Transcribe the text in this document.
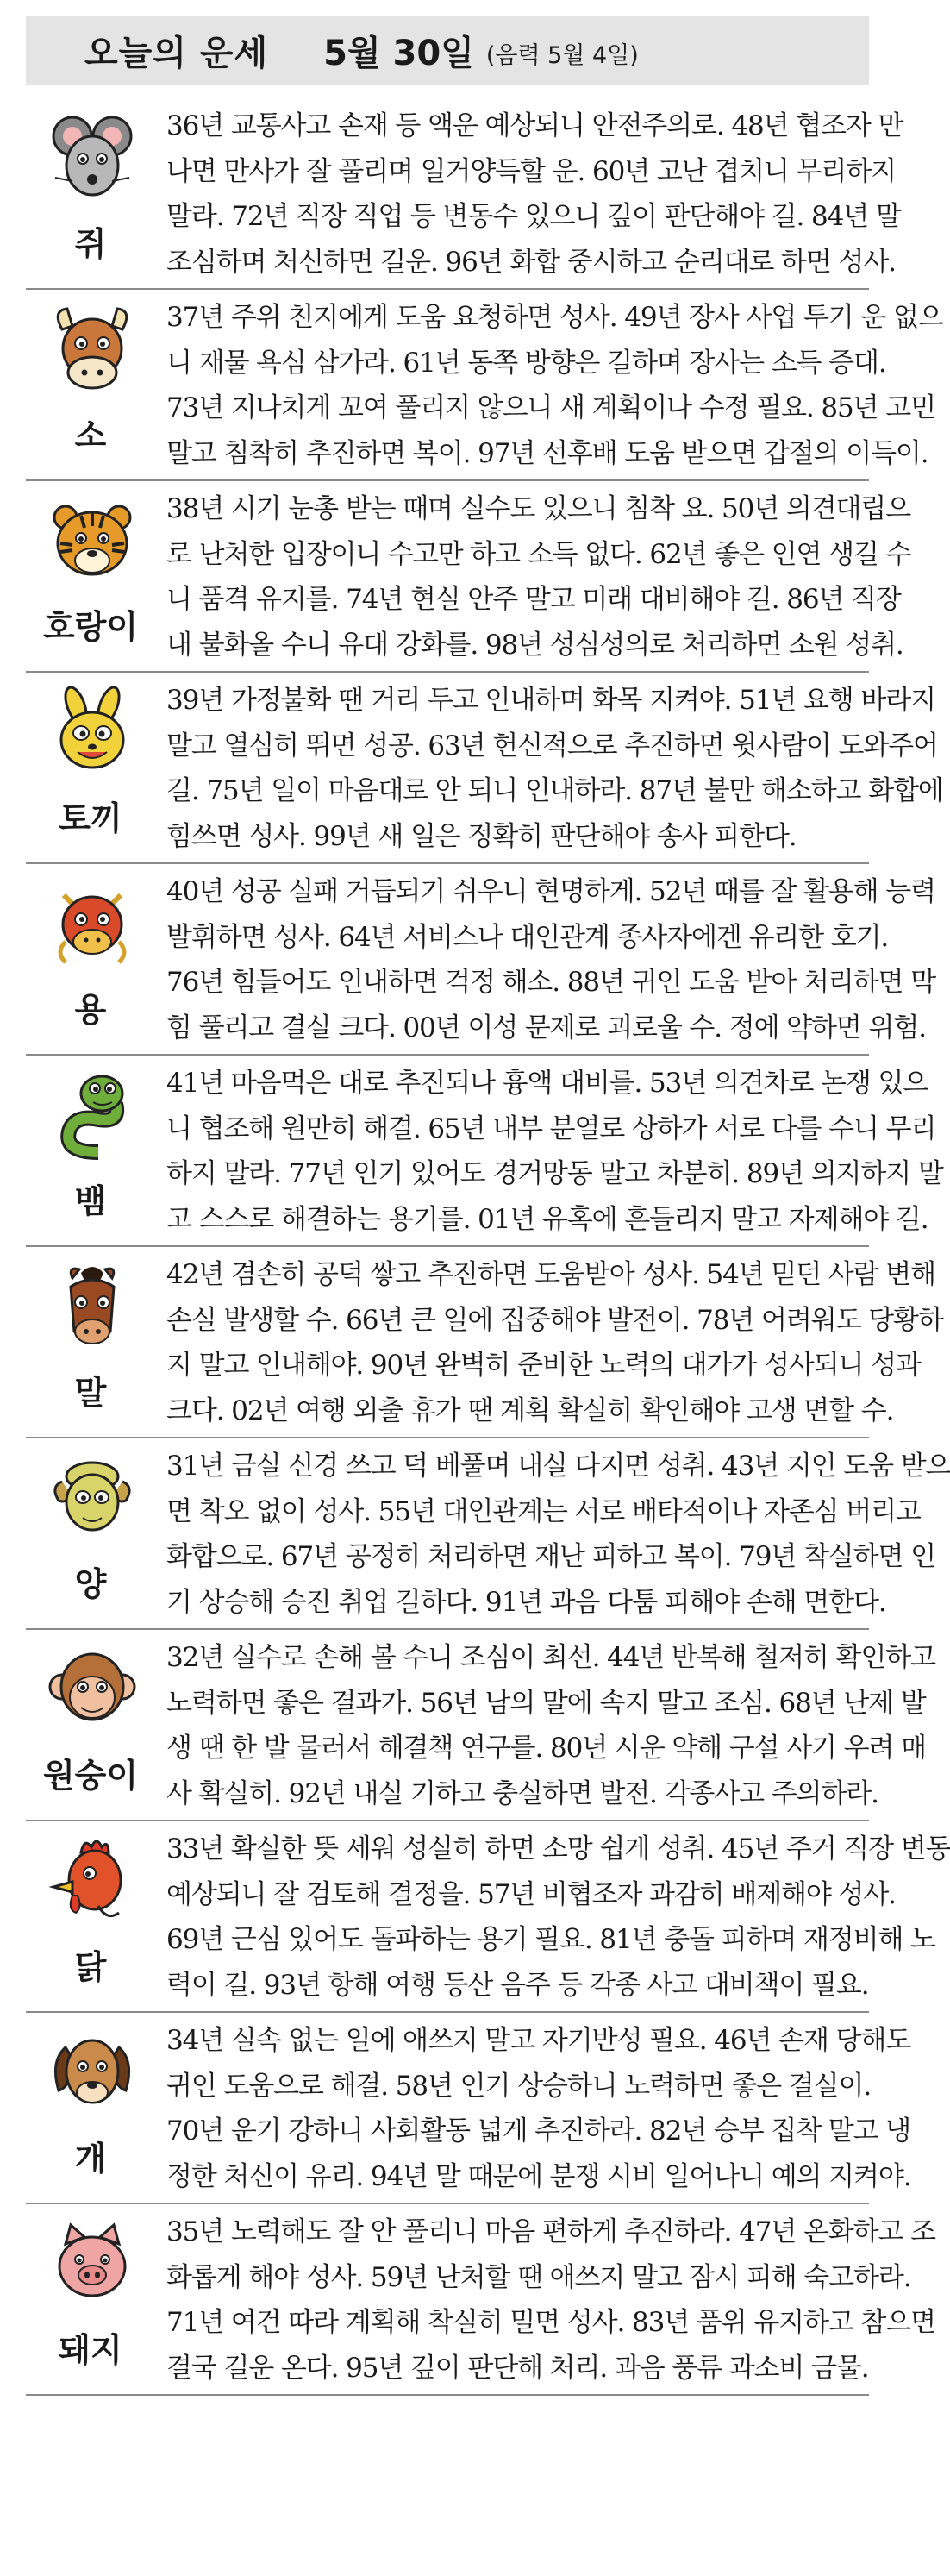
오늘의 운세 5월 30일 (음력 5월 4일)
쥐
36년 교통사고 손재 등 액운 예상되니 안전주의로. 48년 협조자 만
나면 만사가 잘 풀리며 일거양득할 운. 60년 고난 겹치니 무리하지
말라. 72년 직장 직업 등 변동수 있으니 깊이 판단해야 길. 84년 말
조심하며 처신하면 길운. 96년 화합 중시하고 순리대로 하면 성사.
소
37년 주위 친지에게 도움 요청하면 성사. 49년 장사 사업 투기 운 없으
니 재물 욕심 삼가라. 61년 동쪽 방향은 길하며 장사는 소득 증대.
73년 지나치게 꼬여 풀리지 않으니 새 계획이나 수정 필요. 85년 고민
말고 침착히 추진하면 복이. 97년 선후배 도움 받으면 갑절의 이득이.
호랑이
38년 시기 눈총 받는 때며 실수도 있으니 침착 요. 50년 의견대립으
로 난처한 입장이니 수고만 하고 소득 없다. 62년 좋은 인연 생길 수
니 품격 유지를. 74년 현실 안주 말고 미래 대비해야 길. 86년 직장
내 불화올 수니 유대 강화를. 98년 성심성의로 처리하면 소원 성취.
토끼
39년 가정불화 땐 거리 두고 인내하며 화목 지켜야. 51년 요행 바라지
말고 열심히 뛰면 성공. 63년 헌신적으로 추진하면 윗사람이 도와주어
길. 75년 일이 마음대로 안 되니 인내하라. 87년 불만 해소하고 화합에
힘쓰면 성사. 99년 새 일은 정확히 판단해야 송사 피한다.
용
40년 성공 실패 거듭되기 쉬우니 현명하게. 52년 때를 잘 활용해 능력
발휘하면 성사. 64년 서비스나 대인관계 종사자에겐 유리한 호기.
76년 힘들어도 인내하면 걱정 해소. 88년 귀인 도움 받아 처리하면 막
힘 풀리고 결실 크다. 00년 이성 문제로 괴로울 수. 정에 약하면 위험.
뱀
41년 마음먹은 대로 추진되나 흉액 대비를. 53년 의견차로 논쟁 있으
니 협조해 원만히 해결. 65년 내부 분열로 상하가 서로 다를 수니 무리
하지 말라. 77년 인기 있어도 경거망동 말고 차분히. 89년 의지하지 말
고 스스로 해결하는 용기를. 01년 유혹에 흔들리지 말고 자제해야 길.
말
42년 겸손히 공덕 쌓고 추진하면 도움받아 성사. 54년 믿던 사람 변해
손실 발생할 수. 66년 큰 일에 집중해야 발전이. 78년 어려워도 당황하
지 말고 인내해야. 90년 완벽히 준비한 노력의 대가가 성사되니 성과
크다. 02년 여행 외출 휴가 땐 계획 확실히 확인해야 고생 면할 수.
양
31년 금실 신경 쓰고 덕 베풀며 내실 다지면 성취. 43년 지인 도움 받으
면 착오 없이 성사. 55년 대인관계는 서로 배타적이나 자존심 버리고
화합으로. 67년 공정히 처리하면 재난 피하고 복이. 79년 착실하면 인
기 상승해 승진 취업 길하다. 91년 과음 다툼 피해야 손해 면한다.
원숭이
32년 실수로 손해 볼 수니 조심이 최선. 44년 반복해 철저히 확인하고
노력하면 좋은 결과가. 56년 남의 말에 속지 말고 조심. 68년 난제 발
생 땐 한 발 물러서 해결책 연구를. 80년 시운 약해 구설 사기 우려 매
사 확실히. 92년 내실 기하고 충실하면 발전. 각종사고 주의하라.
닭
33년 확실한 뜻 세워 성실히 하면 소망 쉽게 성취. 45년 주거 직장 변동
예상되니 잘 검토해 결정을. 57년 비협조자 과감히 배제해야 성사.
69년 근심 있어도 돌파하는 용기 필요. 81년 충돌 피하며 재정비해 노
력이 길. 93년 항해 여행 등산 음주 등 각종 사고 대비책이 필요.
개
34년 실속 없는 일에 애쓰지 말고 자기반성 필요. 46년 손재 당해도
귀인 도움으로 해결. 58년 인기 상승하니 노력하면 좋은 결실이.
70년 운기 강하니 사회활동 넓게 추진하라. 82년 승부 집착 말고 냉
정한 처신이 유리. 94년 말 때문에 분쟁 시비 일어나니 예의 지켜야.
돼지
35년 노력해도 잘 안 풀리니 마음 편하게 추진하라. 47년 온화하고 조
화롭게 해야 성사. 59년 난처할 땐 애쓰지 말고 잠시 피해 숙고하라.
71년 여건 따라 계획해 착실히 밀면 성사. 83년 품위 유지하고 참으면
결국 길운 온다. 95년 깊이 판단해 처리. 과음 풍류 과소비 금물.
